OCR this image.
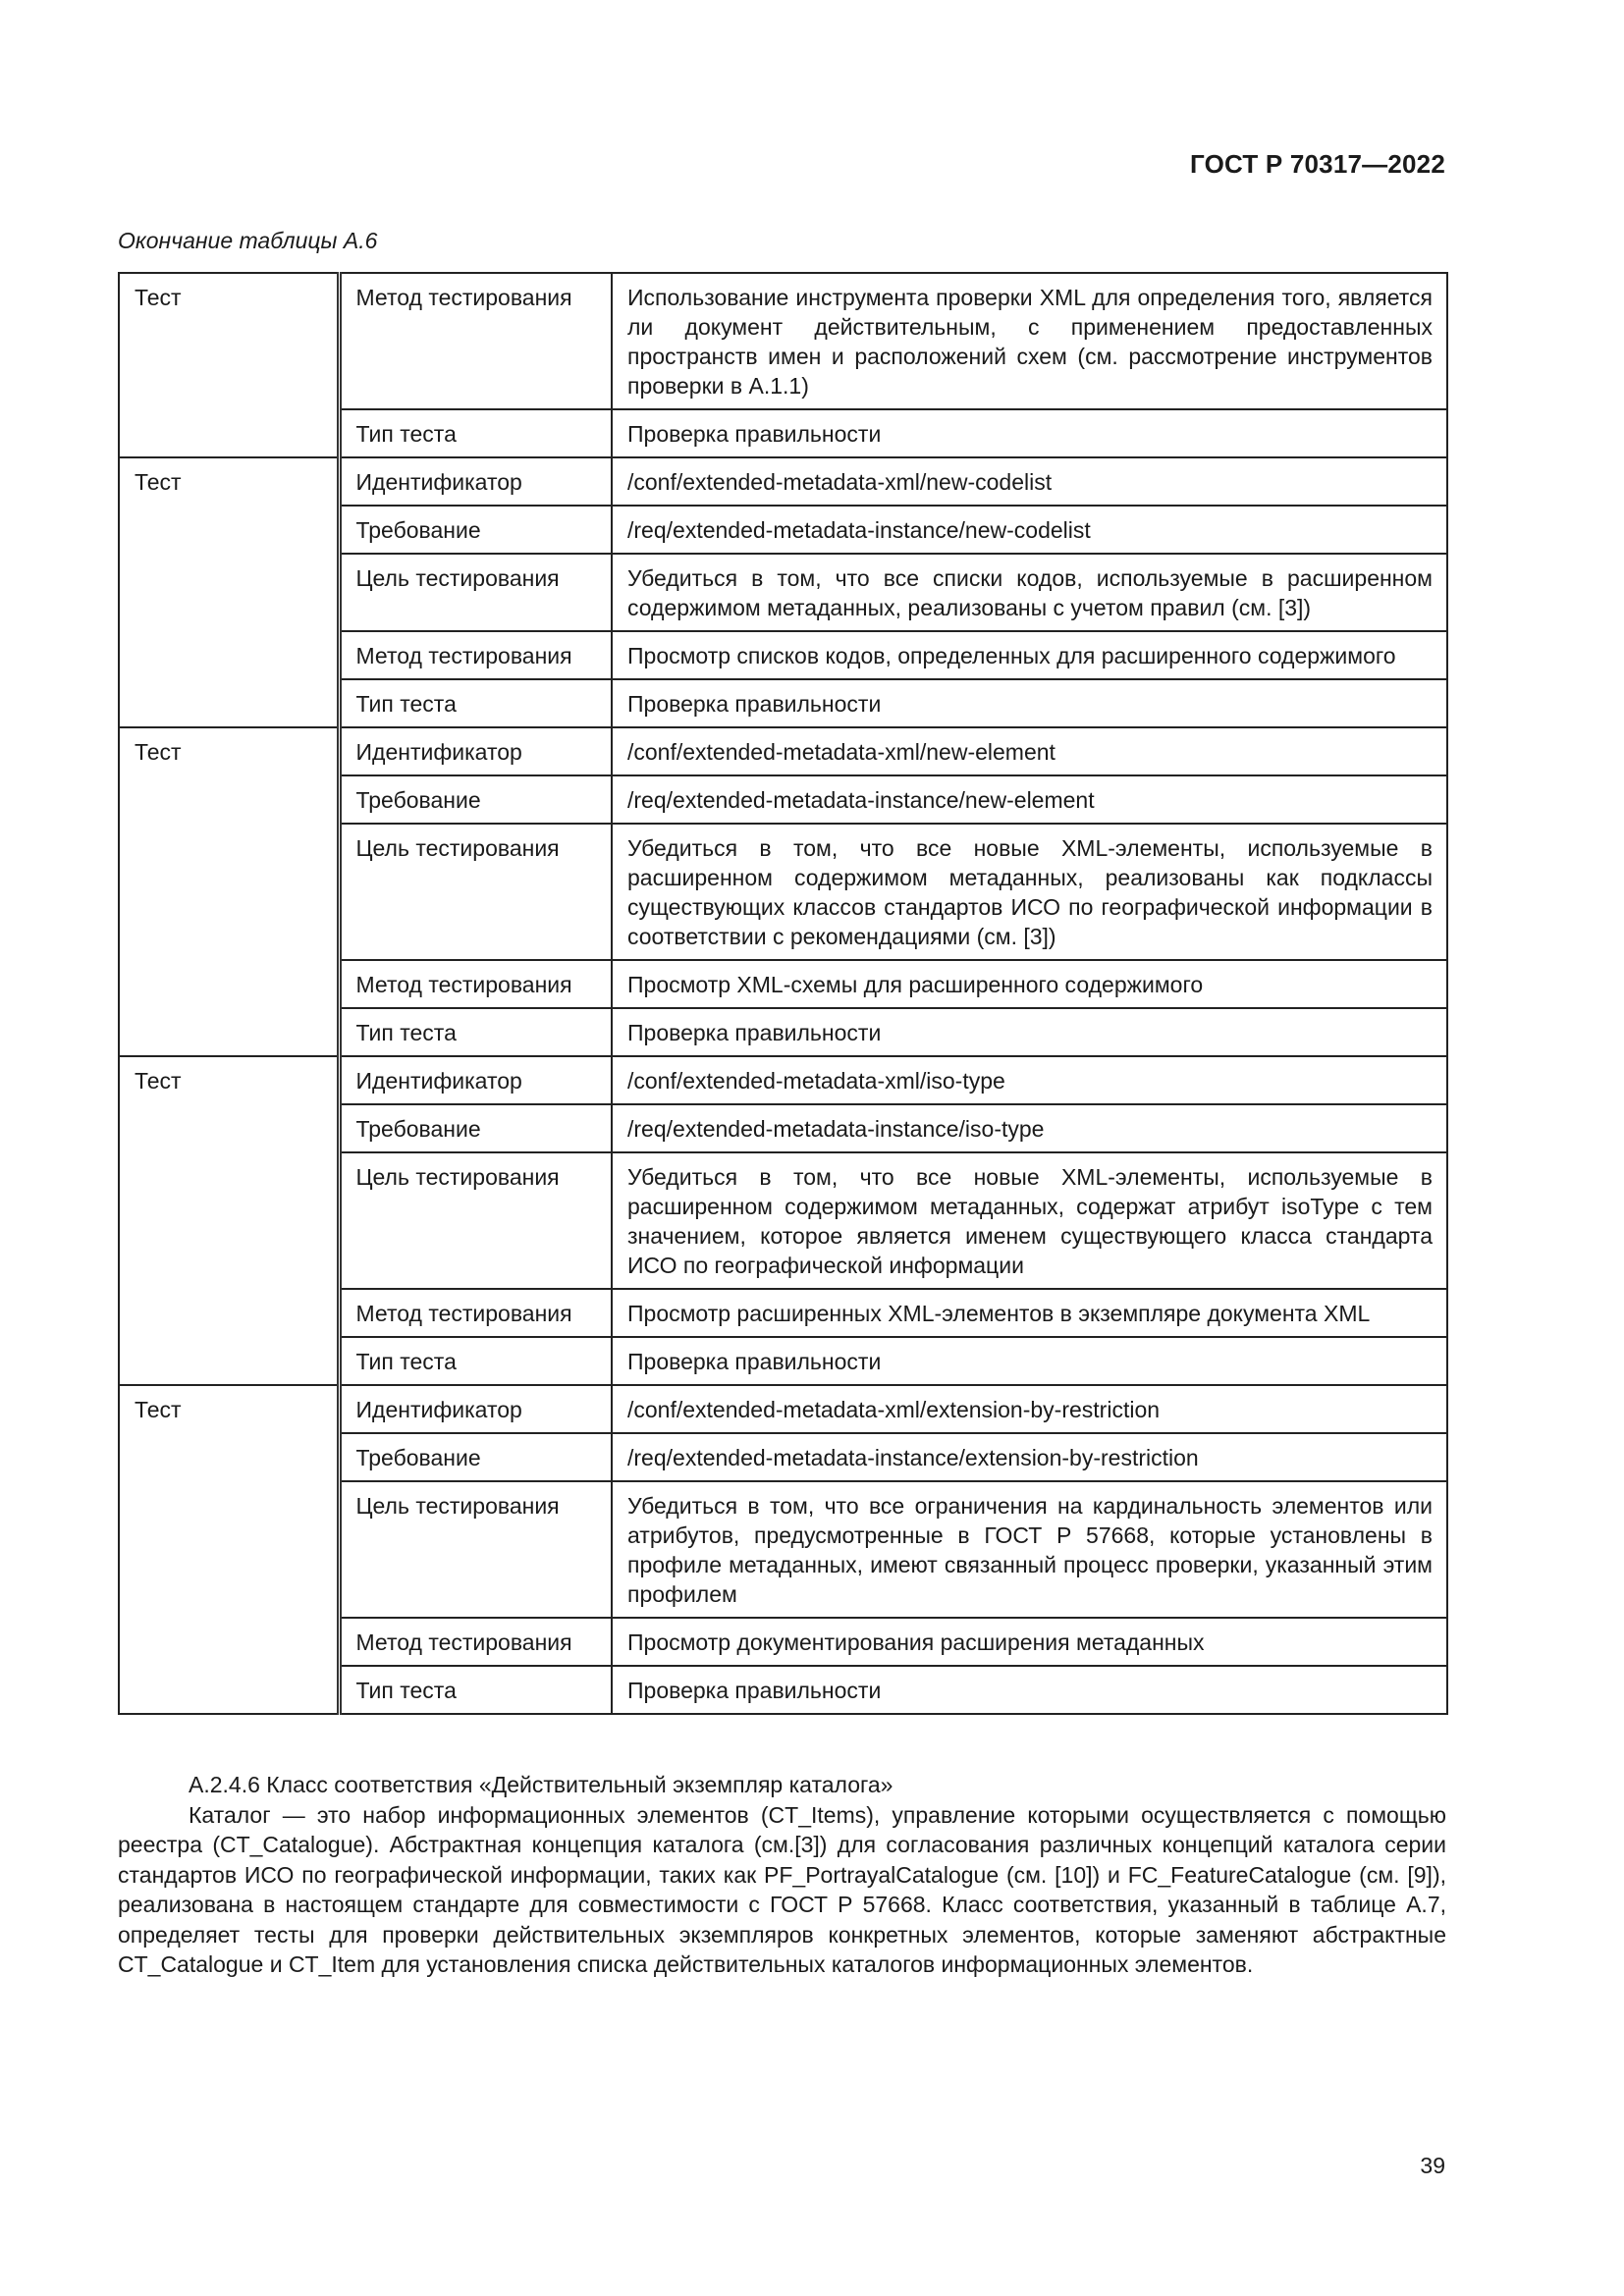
ГОСТ Р 70317—2022
Окончание таблицы А.6
Тест	Метод тестирования	Использование инструмента проверки XML для определения того, является ли документ действительным, с применением предоставленных пространств имен и расположений схем (см. рассмотрение инструментов проверки в А.1.1)
	Тип теста	Проверка правильности
Тест	Идентификатор	/conf/extended-metadata-xml/new-codelist
	Требование	/req/extended-metadata-instance/new-codelist
	Цель тестирования	Убедиться в том, что все списки кодов, используемые в расширенном содержимом метаданных, реализованы с учетом правил (см. [3])
	Метод тестирования	Просмотр списков кодов, определенных для расширенного содержимого
	Тип теста	Проверка правильности
Тест	Идентификатор	/conf/extended-metadata-xml/new-element
	Требование	/req/extended-metadata-instance/new-element
	Цель тестирования	Убедиться в том, что все новые XML-элементы, используемые в расширенном содержимом метаданных, реализованы как подклассы существующих классов стандартов ИСО по географической информации в соответствии с рекомендациями (см. [3])
	Метод тестирования	Просмотр XML-схемы для расширенного содержимого
	Тип теста	Проверка правильности
Тест	Идентификатор	/conf/extended-metadata-xml/iso-type
	Требование	/req/extended-metadata-instance/iso-type
	Цель тестирования	Убедиться в том, что все новые XML-элементы, используемые в расширенном содержимом метаданных, содержат атрибут isoType с тем значением, которое является именем существующего класса стандарта ИСО по географической информации
	Метод тестирования	Просмотр расширенных XML-элементов в экземпляре документа XML
	Тип теста	Проверка правильности
Тест	Идентификатор	/conf/extended-metadata-xml/extension-by-restriction
	Требование	/req/extended-metadata-instance/extension-by-restriction
	Цель тестирования	Убедиться в том, что все ограничения на кардинальность элементов или атрибутов, предусмотренные в ГОСТ Р 57668, которые установлены в профиле метаданных, имеют связанный процесс проверки, указанный этим профилем
	Метод тестирования	Просмотр документирования расширения метаданных
	Тип теста	Проверка правильности

А.2.4.6 Класс соответствия «Действительный экземпляр каталога»

Каталог — это набор информационных элементов (CT_Items), управление которыми осуществляется с помощью реестра (CT_Catalogue). Абстрактная концепция каталога (см.[3]) для согласования различных концепций каталога серии стандартов ИСО по географической информации, таких как PF_PortrayalCatalogue (см. [10]) и FC_FeatureCatalogue (см. [9]), реализована в настоящем стандарте для совместимости с ГОСТ Р 57668. Класс соответствия, указанный в таблице А.7, определяет тесты для проверки действительных экземпляров конкретных элементов, которые заменяют абстрактные CT_Catalogue и CT_Item для установления списка действительных каталогов информационных элементов.

39
